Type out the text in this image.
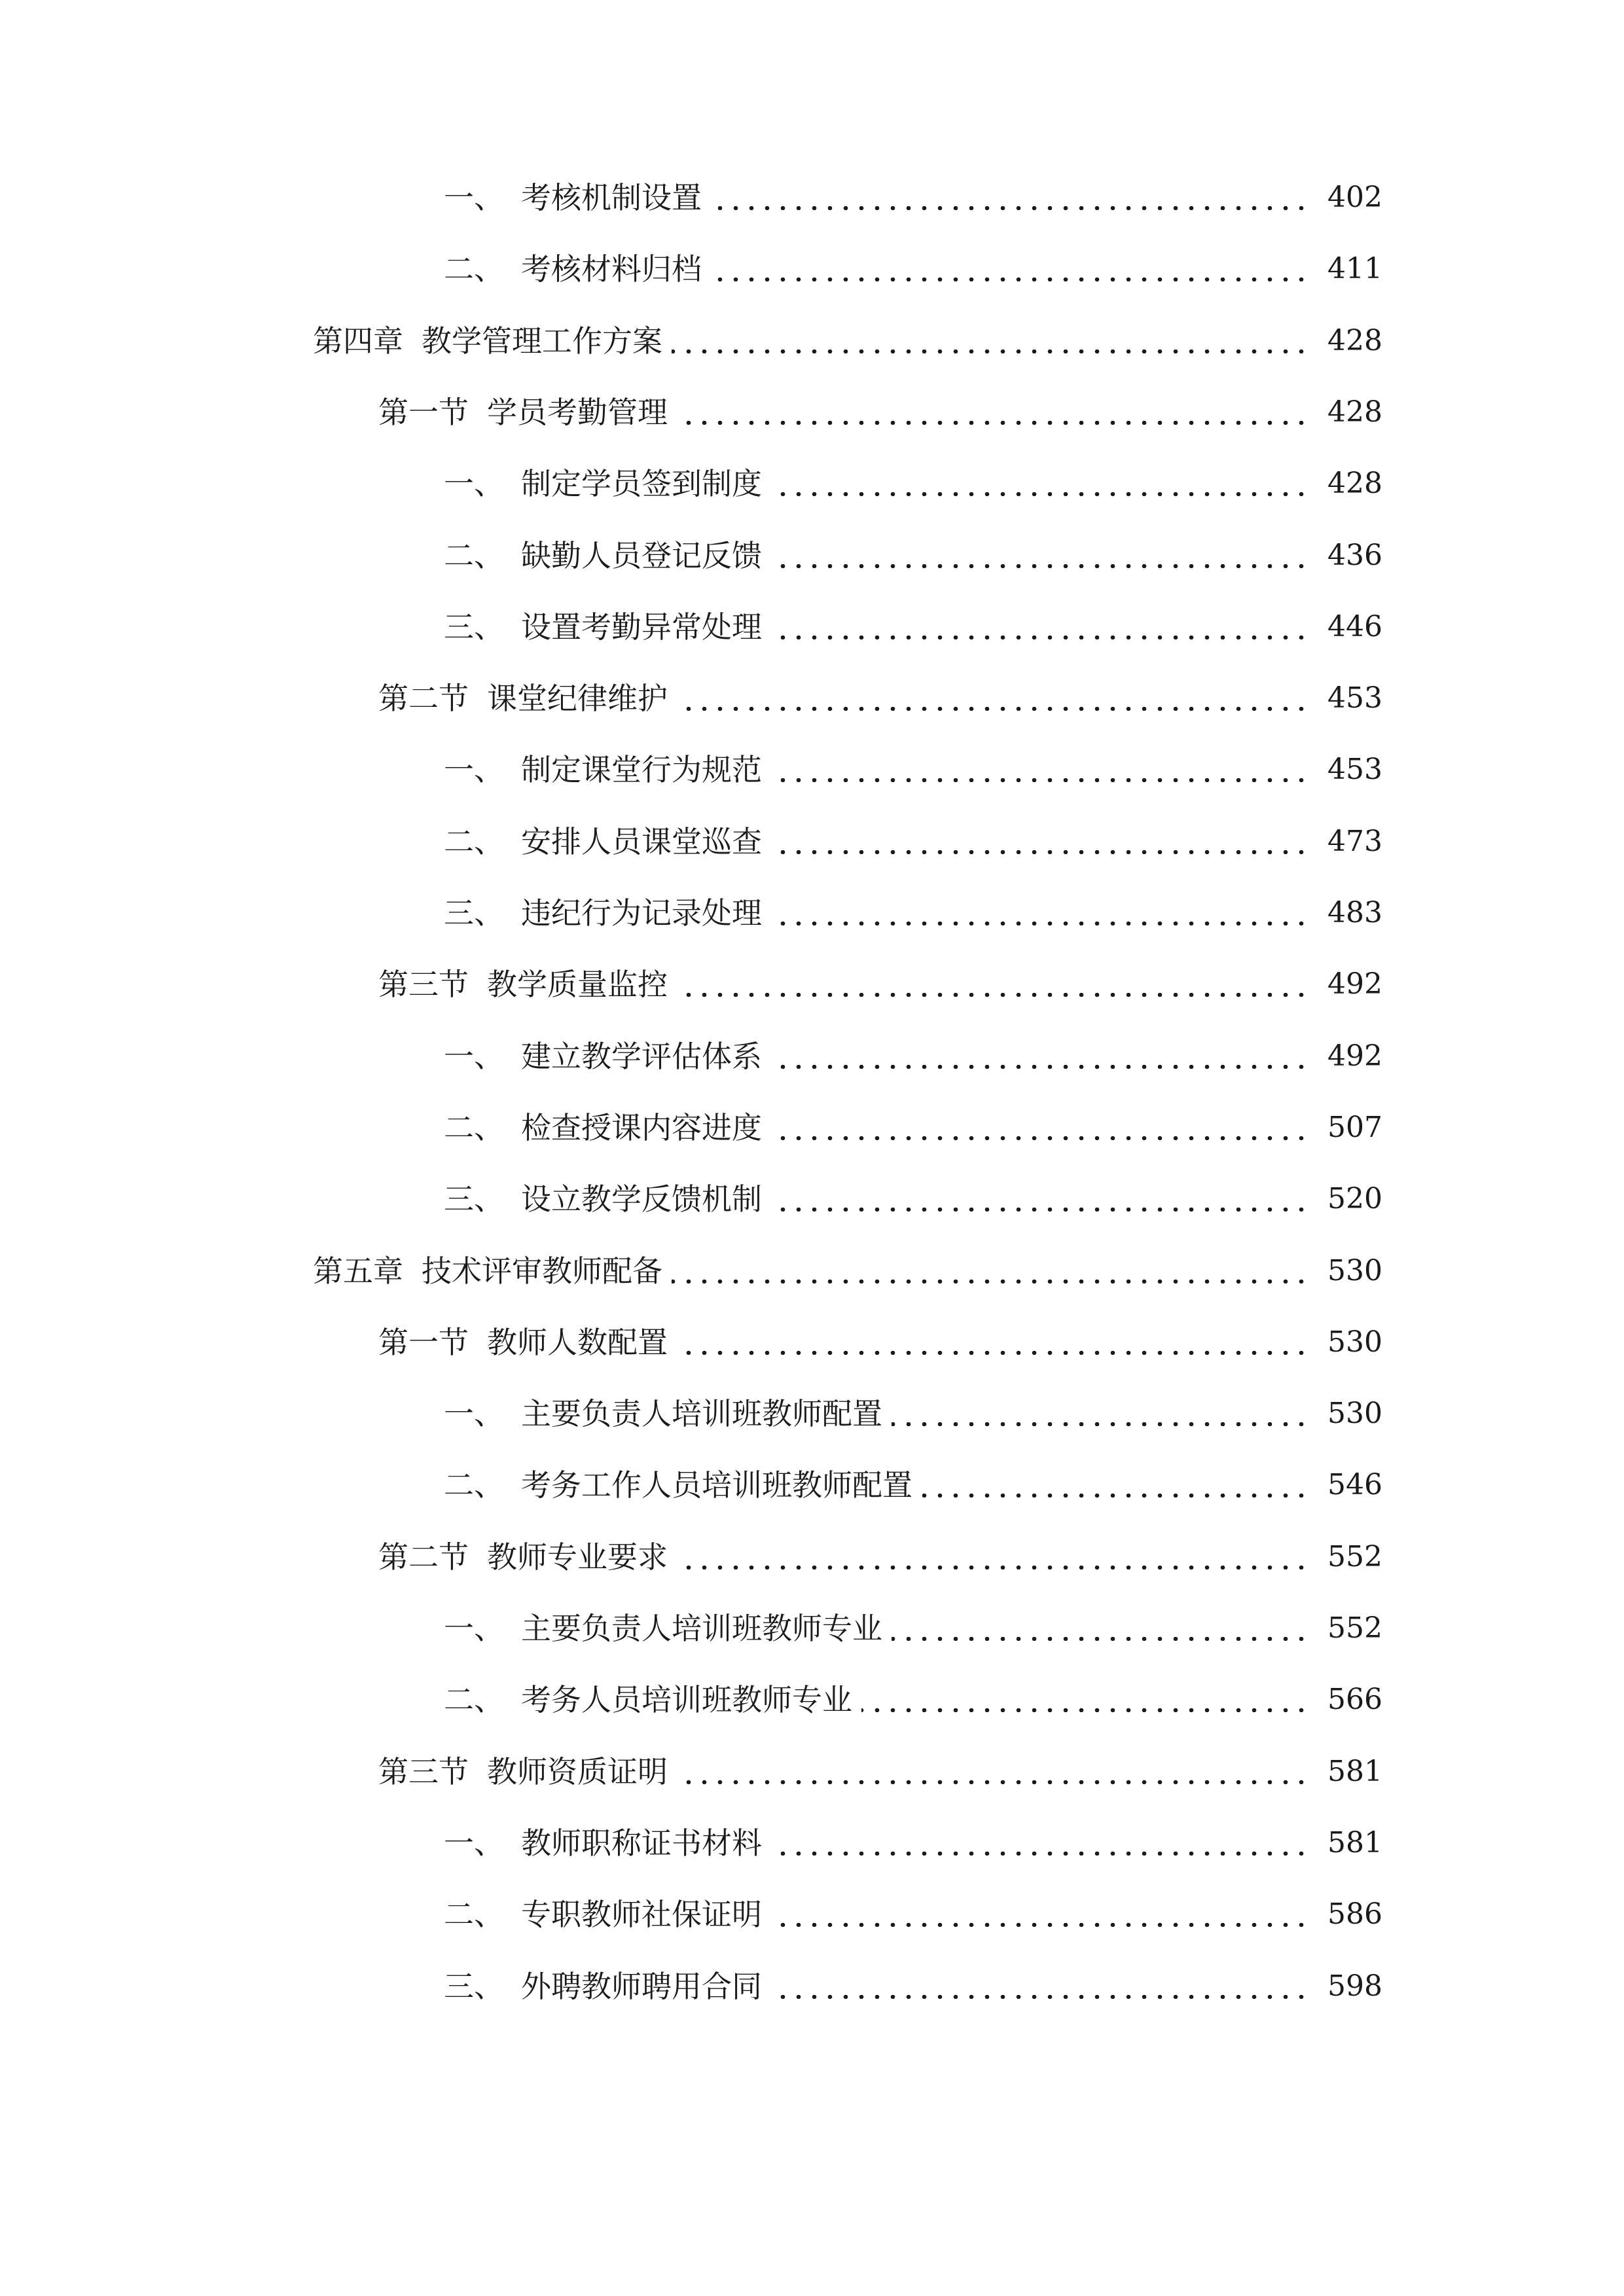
一、 考核机制设置	402
二、 考核材料归档	411
第四章 教学管理工作方案	428
第一节 学员考勤管理	428
一、 制定学员签到制度	428
二、 缺勤人员登记反馈	436
三、 设置考勤异常处理	446
第二节 课堂纪律维护	453
一、 制定课堂行为规范	453
二、 安排人员课堂巡查	473
三、 违纪行为记录处理	483
第三节 教学质量监控	492
一、 建立教学评估体系	492
二、 检查授课内容进度	507
三、 设立教学反馈机制	520
第五章 技术评审教师配备	530
第一节 教师人数配置	530
一、 主要负责人培训班教师配置	530
二、 考务工作人员培训班教师配置	546
第二节 教师专业要求	552
一、 主要负责人培训班教师专业	552
二、 考务人员培训班教师专业	566
第三节 教师资质证明	581
一、 教师职称证书材料	581
二、 专职教师社保证明	586
三、 外聘教师聘用合同	598
